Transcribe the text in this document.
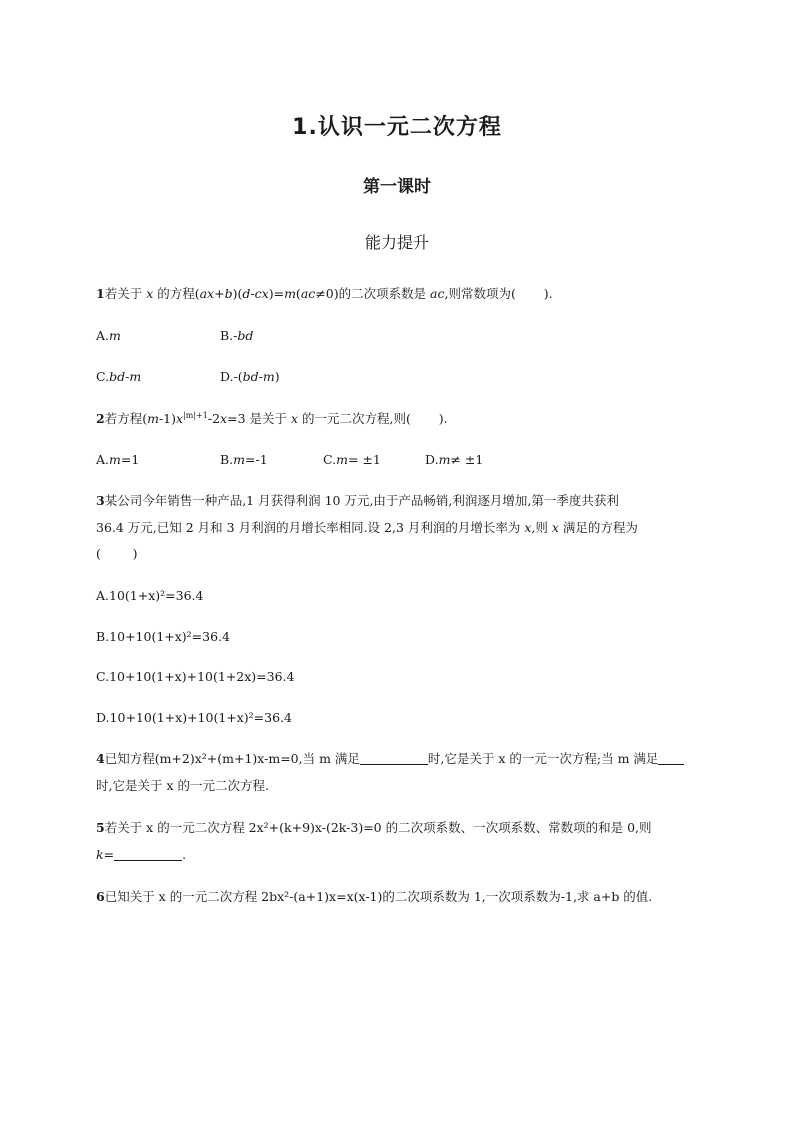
1.认识一元二次方程
第一课时
能力提升
1若关于 x 的方程(ax+b)(d-cx)=m(ac≠0)的二次项系数是 ac,则常数项为( ).
A.m	B.-bd
C.bd-m	D.-(bd-m)
2若方程$(m-1)x^{|m|+1}-2x=3$ 是关于 x 的一元二次方程,则( ).
A.m=1	B.m=-1	C.m= ±1	D.m≠ ±1
3某公司今年销售一种产品,1 月获得利润 10 万元,由于产品畅销,利润逐月增加,第一季度共获利
36.4 万元,已知 2 月和 3 月利润的月增长率相同.设 2,3 月利润的月增长率为 x,则 x 满足的方程为
(        )
A.10(1+x)²=36.4
B.10+10(1+x)²=36.4
C.10+10(1+x)+10(1+2x)=36.4
D.10+10(1+x)+10(1+x)²=36.4
4已知方程(m+2)x²+(m+1)x-m=0,当 m 满足	时,它是关于 x 的一元一次方程;当 m 满足
时,它是关于 x 的一元二次方程.
5若关于 x 的一元二次方程 2x²+(k+9)x-(2k-3)=0 的二次项系数、一次项系数、常数项的和是 0,则
k=	.
6已知关于 x 的一元二次方程 2bx²-(a+1)x=x(x-1)的二次项系数为 1,一次项系数为-1,求 a+b 的值.
